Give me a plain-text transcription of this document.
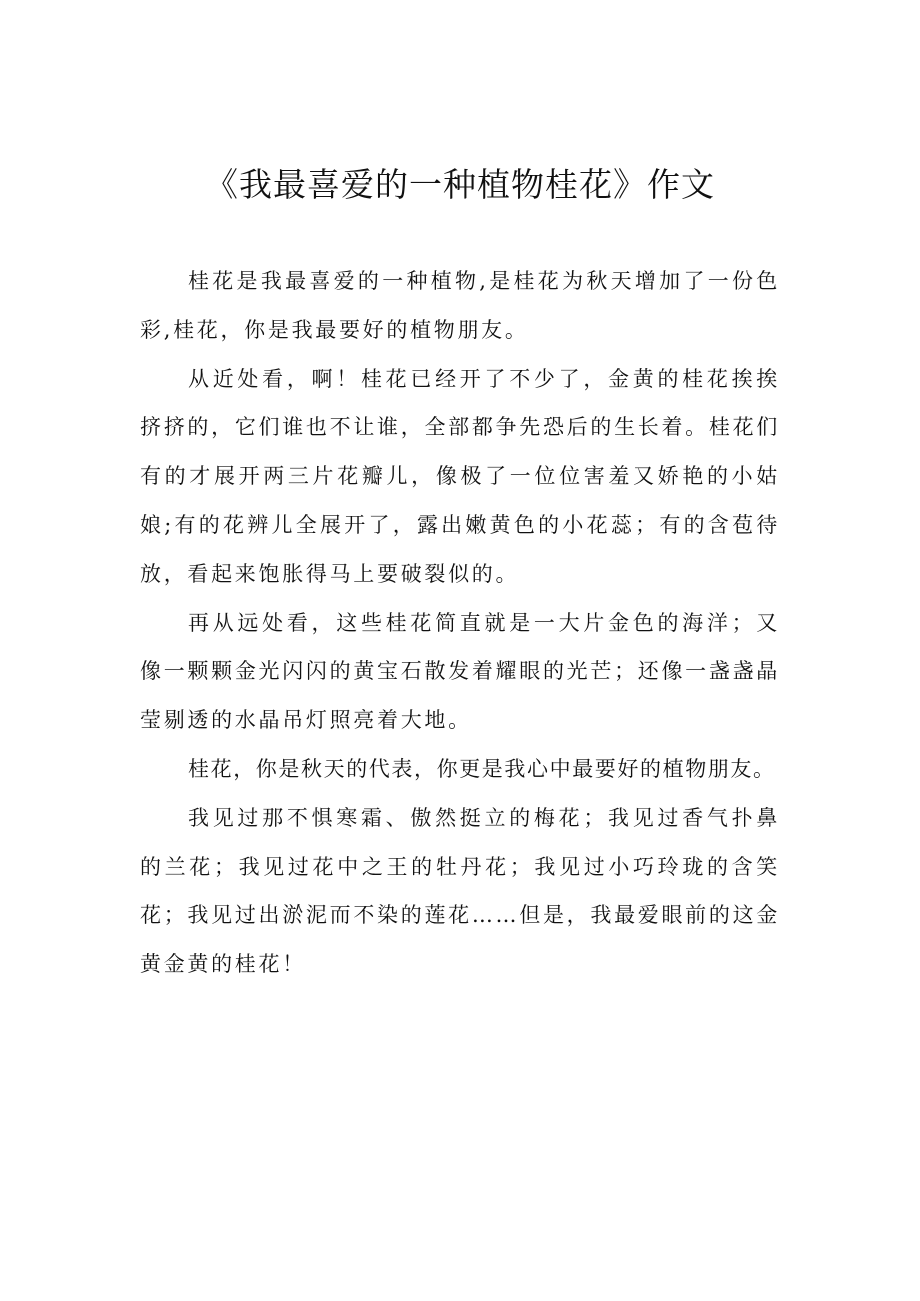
《我最喜爱的一种植物桂花》作文

桂花是我最喜爱的一种植物,是桂花为秋天增加了一份色彩,桂花，你是我最要好的植物朋友。

从近处看，啊！桂花已经开了不少了，金黄的桂花挨挨挤挤的，它们谁也不让谁，全部都争先恐后的生长着。桂花们有的才展开两三片花瓣儿，像极了一位位害羞又娇艳的小姑娘;有的花辨儿全展开了，露出嫩黄色的小花蕊；有的含苞待放，看起来饱胀得马上要破裂似的。

再从远处看，这些桂花简直就是一大片金色的海洋；又像一颗颗金光闪闪的黄宝石散发着耀眼的光芒；还像一盏盏晶莹剔透的水晶吊灯照亮着大地。

桂花，你是秋天的代表，你更是我心中最要好的植物朋友。

我见过那不惧寒霜、傲然挺立的梅花；我见过香气扑鼻的兰花；我见过花中之王的牡丹花；我见过小巧玲珑的含笑花；我见过出淤泥而不染的莲花……但是，我最爱眼前的这金黄金黄的桂花！
